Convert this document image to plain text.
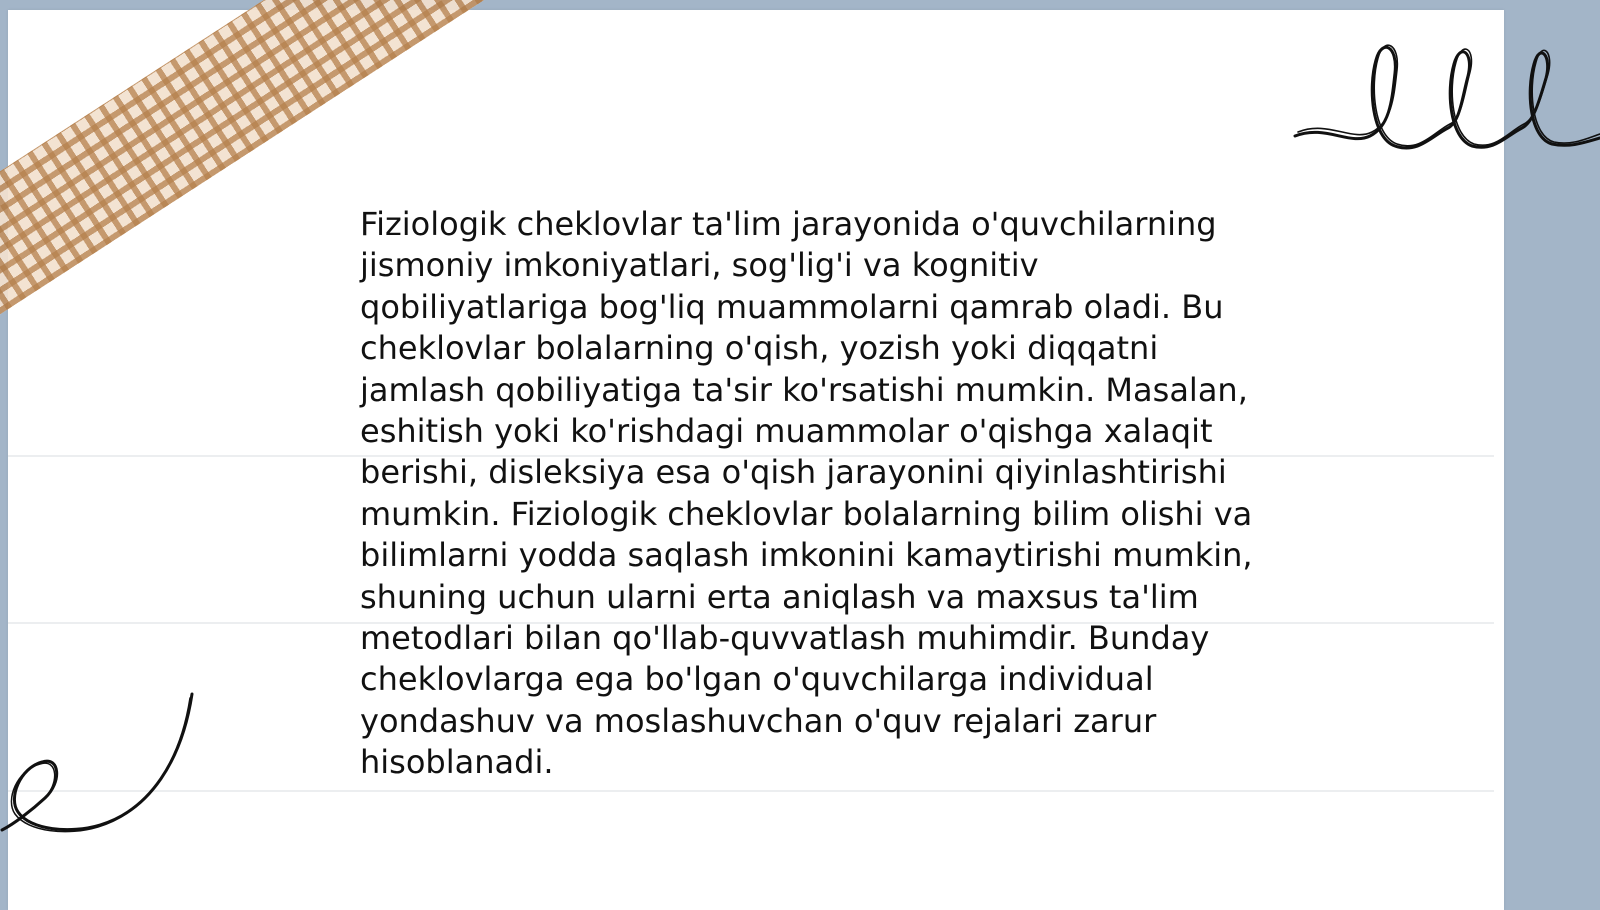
Fiziologik cheklovlar ta'lim jarayonida o'quvchilarning jismoniy imkoniyatlari, sog'lig'i va kognitiv qobiliyatlariga bog'liq muammolarni qamrab oladi. Bu cheklovlar bolalarning o'qish, yozish yoki diqqatni jamlash qobiliyatiga ta'sir ko'rsatishi mumkin. Masalan, eshitish yoki ko'rishdagi muammolar o'qishga xalaqit berishi, disleksiya esa o'qish jarayonini qiyinlashtirishi mumkin. Fiziologik cheklovlar bolalarning bilim olishi va bilimlarni yodda saqlash imkonini kamaytirishi mumkin, shuning uchun ularni erta aniqlash va maxsus ta'lim metodlari bilan qo'llab-quvvatlash muhimdir. Bunday cheklovlarga ega bo'lgan o'quvchilarga individual yondashuv va moslashuvchan o'quv rejalari zarur hisoblanadi.
